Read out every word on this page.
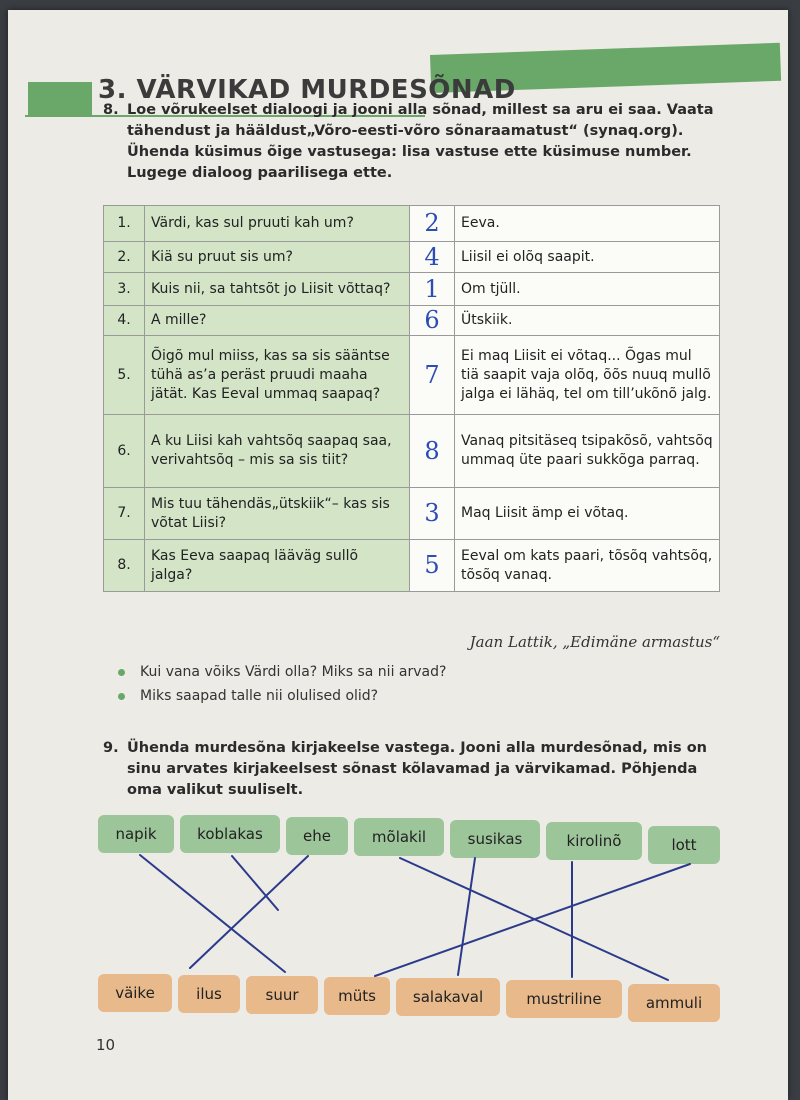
3. VÄRVIKAD MURDESÕNAD
8. Loe võrukeelset dialoogi ja jooni alla sõnad, millest sa aru ei saa. Vaata tähendust ja hääldust„Võro-eesti-võro sõnaraamatust“ (synaq.org). Ühenda küsimus õige vastusega: lisa vastuse ette küsimuse number. Lugege dialoog paarilisega ette.
1.	Värdi, kas sul pruuti kah um?	2	Eeva.
2.	Kiä su pruut sis um?	4	Liisil ei olõq saapit.
3.	Kuis nii, sa tahtsõt jo Liisit võttaq?	1	Om tjüll.
4.	A mille?	6	Ütskiik.
5.	Õigõ mul miiss, kas sa sis sääntse tühä as’a peräst pruudi maaha jätät. Kas Eeval ummaq saapaq?	7	Ei maq Liisit ei võtaq... Õgas mul tiä saapit vaja olõq, õõs nuuq mullõ jalga ei lähäq, tel om till’ukõnõ jalg.
6.	A ku Liisi kah vahtsõq saapaq saa, verivahtsõq – mis sa sis tiit?	8	Vanaq pitsitäseq tsipakõsõ, vahtsõq ummaq üte paari sukkõga parraq.
7.	Mis tuu tähendäs„ütskiik“– kas sis võtat Liisi?	3	Maq Liisit ämp ei võtaq.
8.	Kas Eeva saapaq lääväg sullõ jalga?	5	Eeval om kats paari, tõsõq vahtsõq, tõsõq vanaq.
Jaan Lattik, „Edimäne armastus“
Kui vana võiks Värdi olla? Miks sa nii arvad?
Miks saapad talle nii olulised olid?
9. Ühenda murdesõna kirjakeelse vastega. Jooni alla murdesõnad, mis on sinu arvates kirjakeelsest sõnast kõlavamad ja värvikamad. Põhjenda oma valikut suuliselt.
napik	koblakas	ehe	mõlakil	susikas	kirolinõ	lott
väike	ilus	suur	müts	salakaval	mustriline	ammuli
10
